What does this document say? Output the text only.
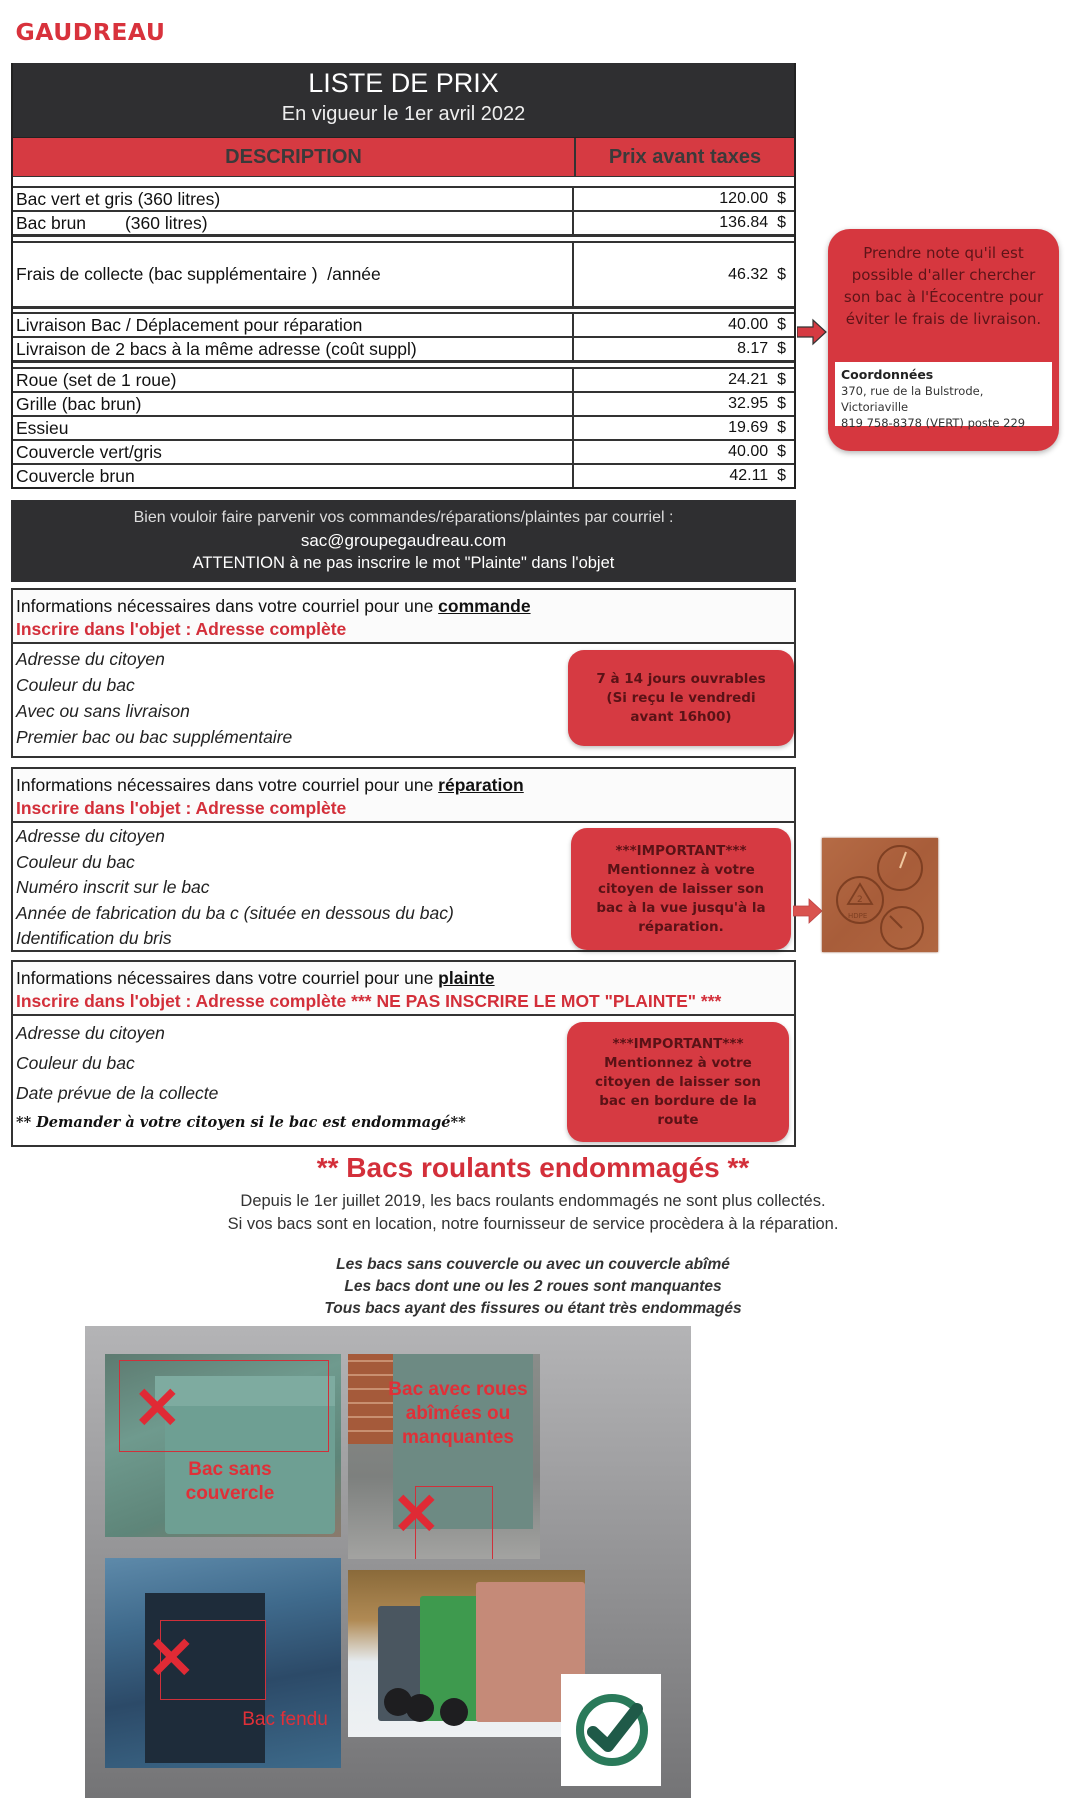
GAUDREAU
LISTE DE PRIX
En vigueur le 1er avril 2022
DESCRIPTION	Prix avant taxes
Bac vert et gris (360 litres)	120.00 $
Bac brun        (360 litres)	136.84 $
Frais de collecte (bac supplémentaire )  /année	46.32 $
Livraison Bac / Déplacement pour réparation	40.00 $
Livraison de 2 bacs à la même adresse (coût suppl)	8.17 $
Roue (set de 1 roue)	24.21 $
Grille (bac brun)	32.95 $
Essieu	19.69 $
Couvercle vert/gris	40.00 $
Couvercle brun	42.11 $
Prendre note qu'il est possible d'aller chercher son bac à l'Écocentre pour éviter le frais de livraison.
Coordonnées
370, rue de la Bulstrode, Victoriaville
819 758-8378 (VERT) poste 229
Bien vouloir faire parvenir vos commandes/réparations/plaintes par courriel :
sac@groupegaudreau.com
ATTENTION à ne pas inscrire le mot "Plainte" dans l'objet
Informations nécessaires dans votre courriel pour une commande
Inscrire dans l'objet : Adresse complète
Adresse du citoyen
Couleur du bac
Avec ou sans livraison
Premier bac ou bac supplémentaire
7 à 14 jours ouvrables (Si reçu le vendredi avant 16h00)
Informations nécessaires dans votre courriel pour une réparation
Inscrire dans l'objet : Adresse complète
Adresse du citoyen
Couleur du bac
Numéro inscrit sur le bac
Année de fabrication du ba c (située en dessous du bac)
Identification du bris
***IMPORTANT***
Mentionnez à votre citoyen de laisser son bac à la vue jusqu'à la réparation.
2
HDPE
Informations nécessaires dans votre courriel pour une plainte
Inscrire dans l'objet : Adresse complète *** NE PAS INSCRIRE LE MOT "PLAINTE" ***
Adresse du citoyen
Couleur du bac
Date prévue de la collecte
** Demander à votre citoyen si le bac est endommagé**
***IMPORTANT***
Mentionnez à votre citoyen de laisser son bac en bordure de la route
** Bacs roulants endommagés **
Depuis le 1er juillet 2019, les bacs roulants endommagés ne sont plus collectés.
Si vos bacs sont en location, notre fournisseur de service procèdera à la réparation.
Les bacs sans couvercle ou avec un couvercle abîmé
Les bacs dont une ou les 2 roues sont manquantes
Tous bacs ayant des fissures ou étant très endommagés
✕
Bac sans couvercle	✕
Bac avec roues abîmées ou manquantes
✕
Bac fendu
